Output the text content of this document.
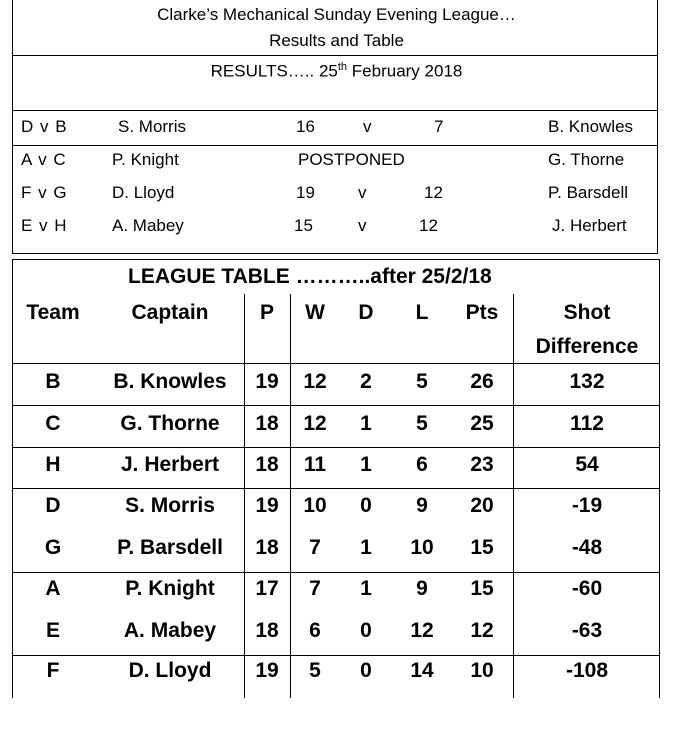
Clarke’s Mechanical Sunday Evening League…
Results and Table
RESULTS….. 25th February 2018
D v B	S. Morris	16	v	7	B. Knowles
A v C	P. Knight	POSTPONED	G. Thorne
F v G	D. Lloyd	19	v	12	P. Barsdell
E v H	A. Mabey	15	v	12	J. Herbert
LEAGUE TABLE ………..after 25/2/18
Team	Captain	P	W	D	L	Pts	Shot
Difference
B	B. Knowles	19	12	2	5	26	132
C	G. Thorne	18	12	1	5	25	112
H	J. Herbert	18	11	1	6	23	54
D	S. Morris	19	10	0	9	20	-19
G	P. Barsdell	18	7	1	10	15	-48
A	P. Knight	17	7	1	9	15	-60
E	A. Mabey	18	6	0	12	12	-63
F	D. Lloyd	19	5	0	14	10	-108
